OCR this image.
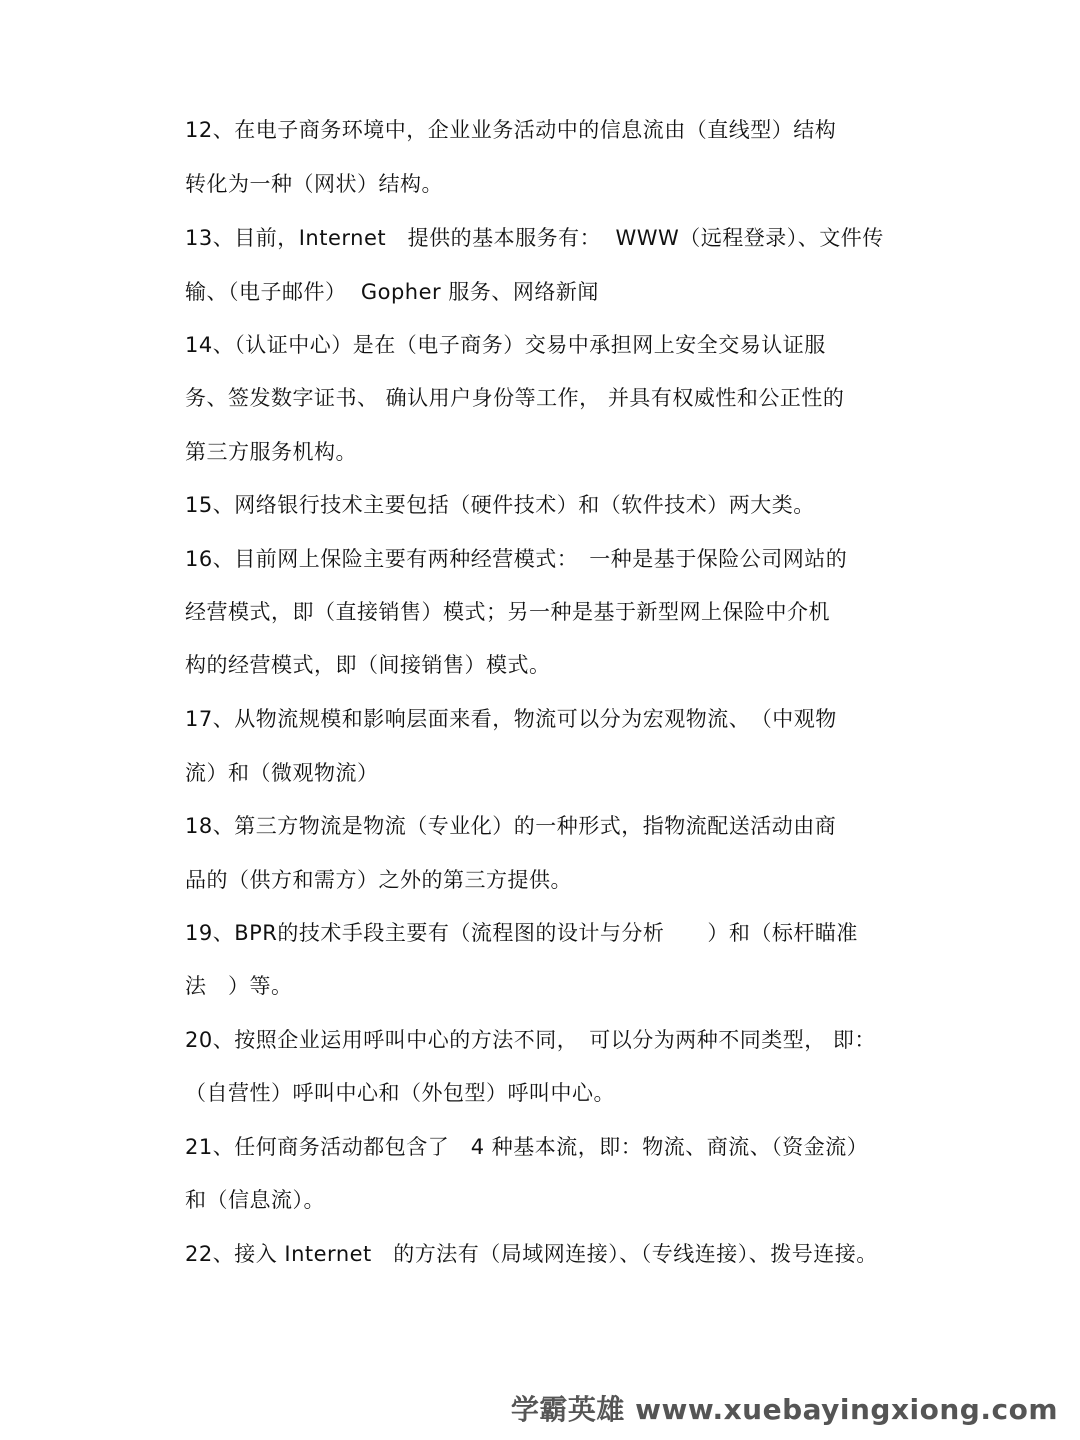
12、在电子商务环境中，企业业务活动中的信息流由（直线型）结构
转化为一种（网状）结构。
13、目前，Internet　提供的基本服务有：  WWW（远程登录）、文件传
输、（电子邮件）  Gopher 服务、网络新闻
14、（认证中心）是在（电子商务）交易中承担网上安全交易认证服
务、签发数字证书、 确认用户身份等工作， 并具有权威性和公正性的
第三方服务机构。
15、网络银行技术主要包括（硬件技术）和（软件技术）两大类。
16、目前网上保险主要有两种经营模式：　一种是基于保险公司网站的
经营模式，即（直接销售）模式；另一种是基于新型网上保险中介机
构的经营模式，即（间接销售）模式。
17、从物流规模和影响层面来看，物流可以分为宏观物流、　（中观物
流）和（微观物流）
18、第三方物流是物流（专业化）的一种形式，指物流配送活动由商
品的（供方和需方）之外的第三方提供。
19、BPR的技术手段主要有（流程图的设计与分析　　）和（标杆瞄准
法　）等。
20、按照企业运用呼叫中心的方法不同，　可以分为两种不同类型， 即：
（自营性）呼叫中心和（外包型）呼叫中心。
21、任何商务活动都包含了　4 种基本流，即：物流、商流、（资金流）
和（信息流）。
22、接入 Internet　的方法有（局域网连接）、（专线连接）、拨号连接。
学霸英雄 www.xuebayingxiong.com
